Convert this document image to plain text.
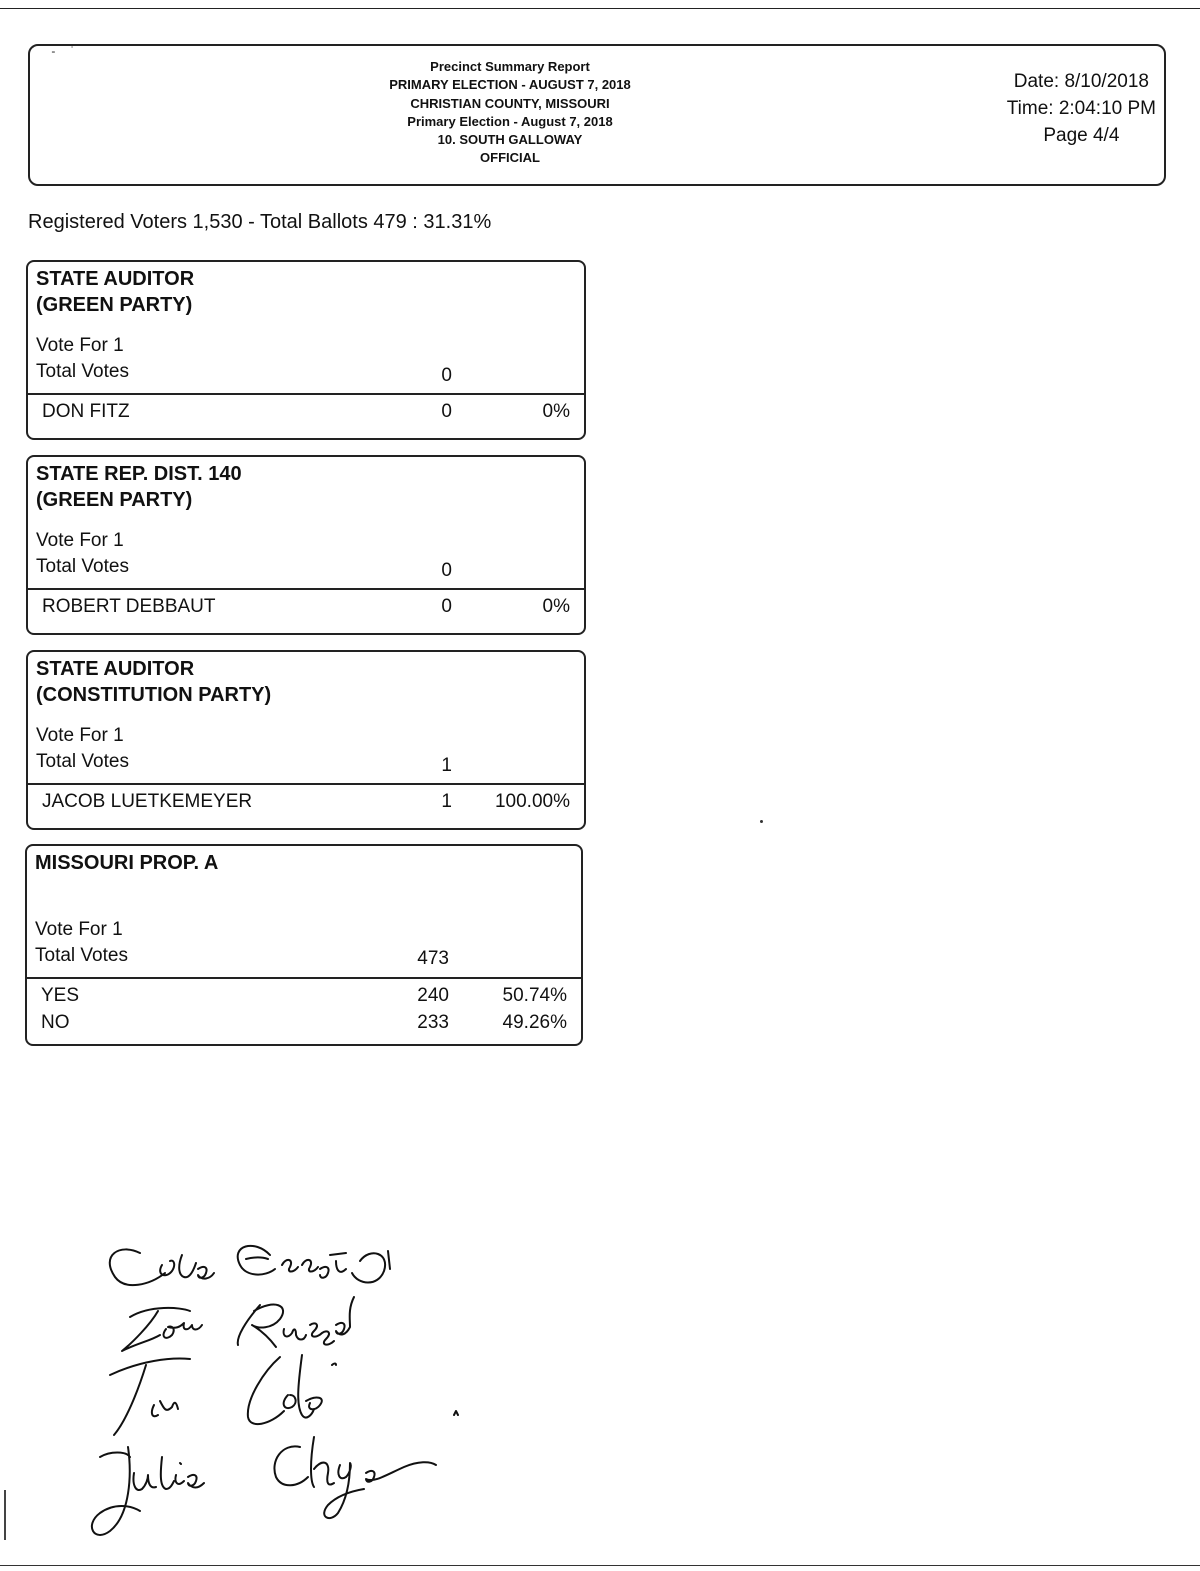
˙ - ˙
Precinct Summary Report
PRIMARY ELECTION - AUGUST 7, 2018
CHRISTIAN COUNTY, MISSOURI
Primary Election - August 7, 2018
10. SOUTH GALLOWAY
OFFICIAL
Date: 8/10/2018
Time: 2:04:10 PM
Page 4/4
Registered Voters 1,530 - Total Ballots 479 : 31.31%
STATE AUDITOR
(GREEN PARTY)
Vote For 1
Total Votes	0
DON FITZ	0	0%
STATE REP. DIST. 140
(GREEN PARTY)
Vote For 1
Total Votes	0
ROBERT DEBBAUT	0	0%
STATE AUDITOR
(CONSTITUTION PARTY)
Vote For 1
Total Votes	1
JACOB LUETKEMEYER	1 100.00%
MISSOURI PROP. A
Vote For 1
Total Votes	473
YES	240	50.74%
NO	233	49.26%
